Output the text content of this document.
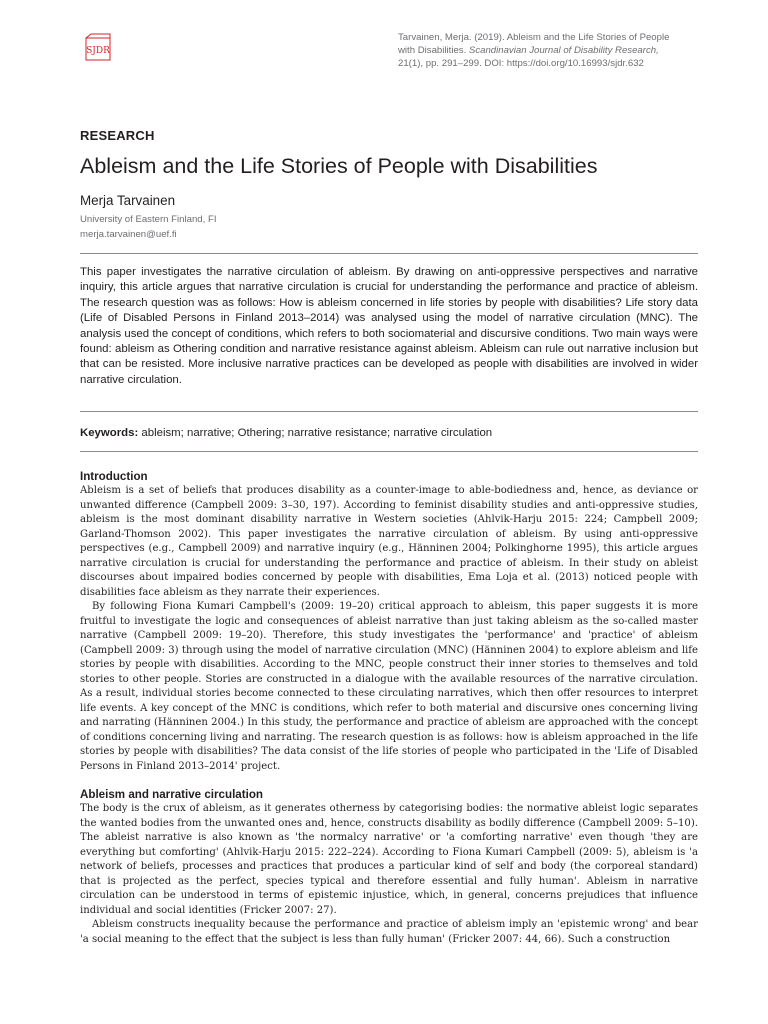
SJDR
Tarvainen, Merja. (2019). Ableism and the Life Stories of People
with Disabilities. Scandinavian Journal of Disability Research,
21(1), pp. 291–299. DOI: https://doi.org/10.16993/sjdr.632
RESEARCH
Ableism and the Life Stories of People with Disabilities
Merja Tarvainen
University of Eastern Finland, FI
merja.tarvainen@uef.fi
This paper investigates the narrative circulation of ableism. By drawing on anti-oppressive perspectives and narrative inquiry, this article argues that narrative circulation is crucial for understanding the performance and practice of ableism. The research question was as follows: How is ableism concerned in life stories by people with disabilities? Life story data (Life of Disabled Persons in Finland 2013–2014) was analysed using the model of narrative circulation (MNC). The analysis used the concept of conditions, which refers to both sociomaterial and discursive conditions. Two main ways were found: ableism as Othering condition and narrative resistance against ableism. Ableism can rule out narrative inclusion but that can be resisted. More inclusive narrative practices can be developed as people with disabilities are involved in wider narrative circulation.
Keywords: ableism; narrative; Othering; narrative resistance; narrative circulation
Introduction

Ableism is a set of beliefs that produces disability as a counter-image to able-bodiedness and, hence, as deviance or unwanted difference (Campbell 2009: 3–30, 197). According to feminist disability studies and anti-oppressive studies, ableism is the most dominant disability narrative in Western societies (Ahlvik-Harju 2015: 224; Campbell 2009; Garland-Thomson 2002). This paper investigates the narrative circulation of ableism. By using anti-oppressive perspectives (e.g., Campbell 2009) and narrative inquiry (e.g., Hänninen 2004; Polkinghorne 1995), this article argues narrative circulation is crucial for understanding the performance and practice of ableism. In their study on ableist discourses about impaired bodies concerned by people with disabilities, Ema Loja et al. (2013) noticed people with disabilities face ableism as they narrate their experiences.

By following Fiona Kumari Campbell's (2009: 19–20) critical approach to ableism, this paper suggests it is more fruitful to investigate the logic and consequences of ableist narrative than just taking ableism as the so-called master narrative (Campbell 2009: 19–20). Therefore, this study investigates the 'performance' and 'practice' of ableism (Campbell 2009: 3) through using the model of narrative circulation (MNC) (Hänninen 2004) to explore ableism and life stories by people with disabilities. According to the MNC, people construct their inner stories to themselves and told stories to other people. Stories are constructed in a dialogue with the available resources of the narrative circulation. As a result, individual stories become connected to these circulating narratives, which then offer resources to interpret life events. A key concept of the MNC is conditions, which refer to both material and discursive ones concerning living and narrating (Hänninen 2004.) In this study, the performance and practice of ableism are approached with the concept of conditions concerning living and narrating. The research question is as follows: how is ableism approached in the life stories by people with disabilities? The data consist of the life stories of people who participated in the 'Life of Disabled Persons in Finland 2013–2014' project.

Ableism and narrative circulation

The body is the crux of ableism, as it generates otherness by categorising bodies: the normative ableist logic separates the wanted bodies from the unwanted ones and, hence, constructs disability as bodily difference (Campbell 2009: 5–10). The ableist narrative is also known as 'the normalcy narrative' or 'a comforting narrative' even though 'they are everything but comforting' (Ahlvik-Harju 2015: 222–224). According to Fiona Kumari Campbell (2009: 5), ableism is 'a network of beliefs, processes and practices that produces a particular kind of self and body (the corporeal standard) that is projected as the perfect, species typical and therefore essential and fully human'. Ableism in narrative circulation can be understood in terms of epistemic injustice, which, in general, concerns prejudices that influence individual and social identities (Fricker 2007: 27).

Ableism constructs inequality because the performance and practice of ableism imply an 'epistemic wrong' and bear 'a social meaning to the effect that the subject is less than fully human' (Fricker 2007: 44, 66). Such a construction
